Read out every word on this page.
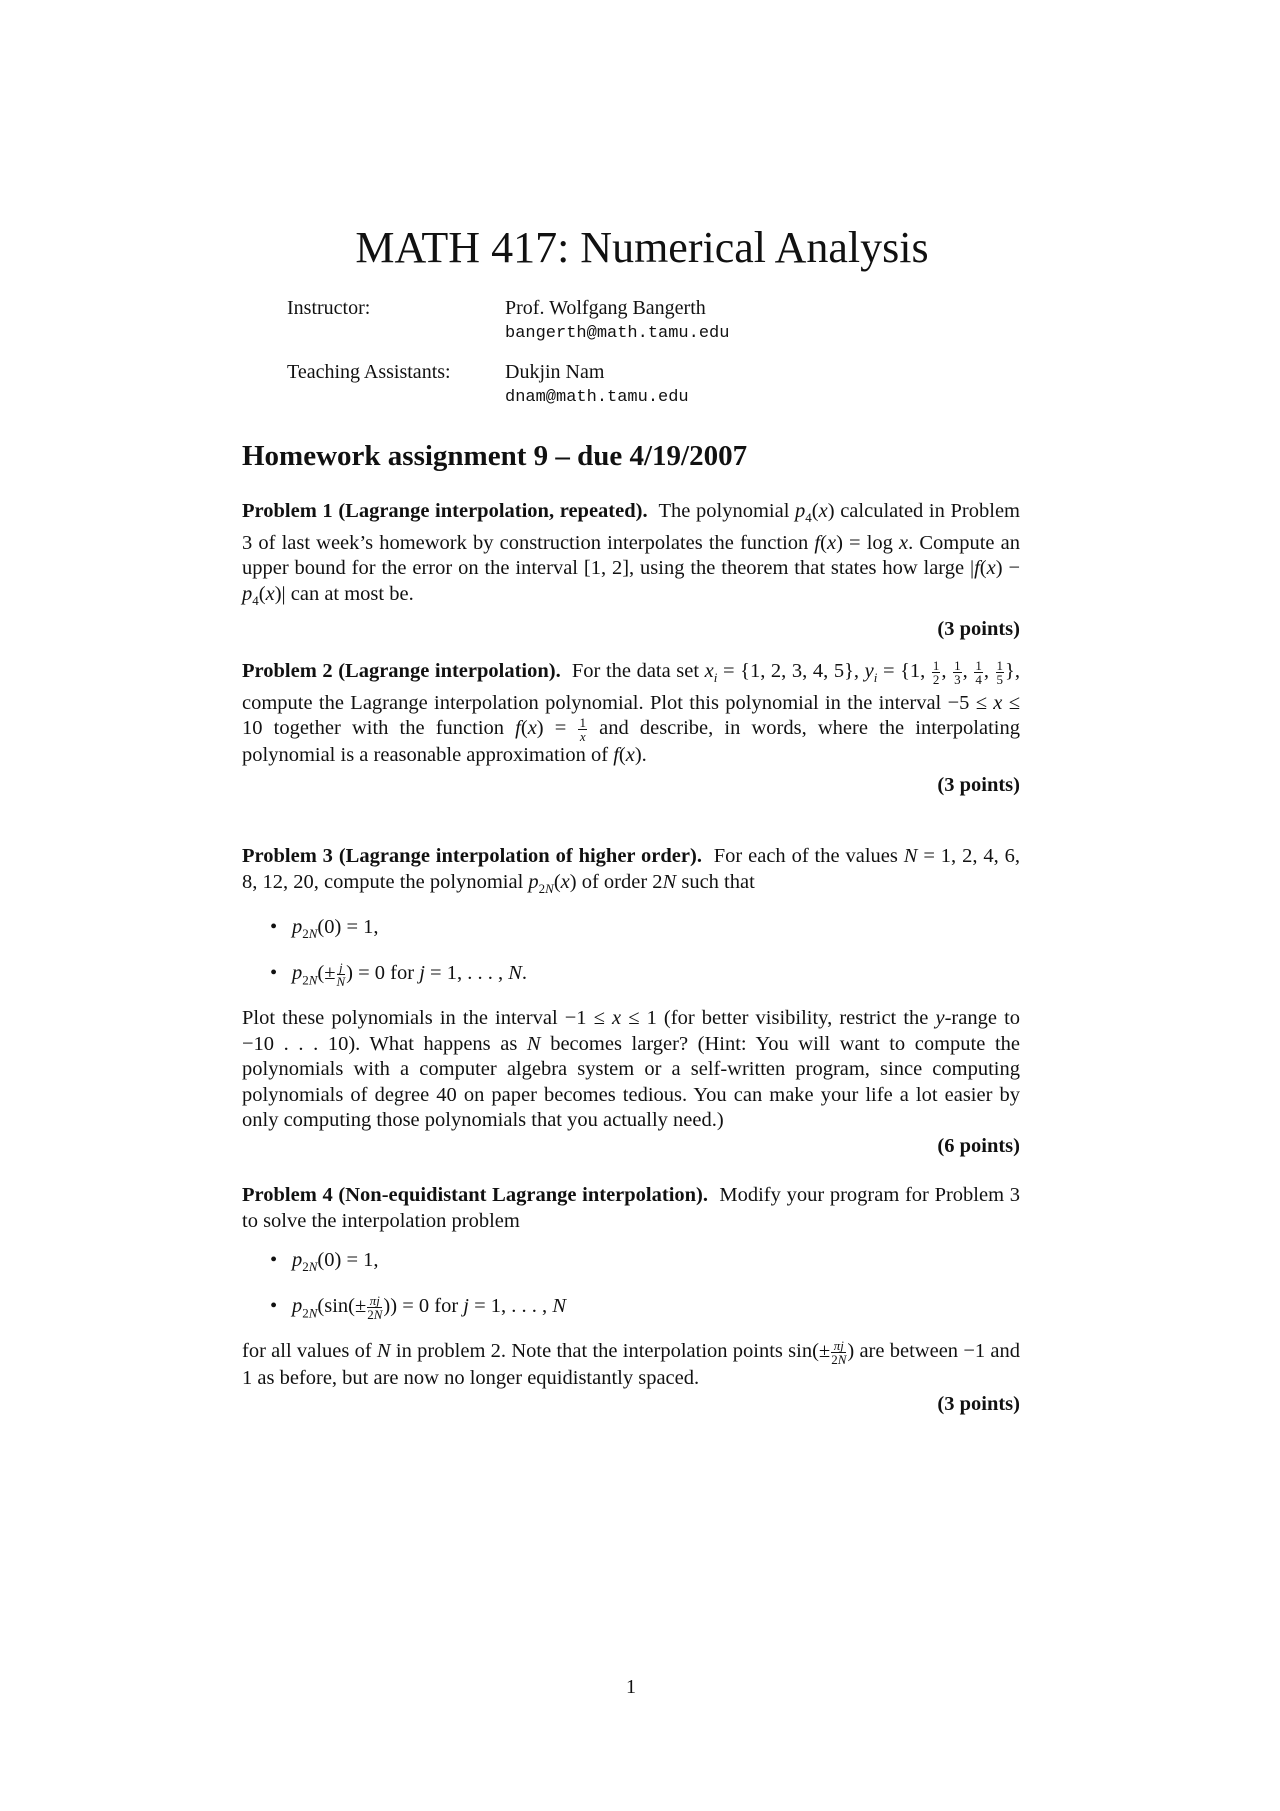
MATH 417: Numerical Analysis
Instructor:	Prof. Wolfgang Bangerth
bangerth@math.tamu.edu
Teaching Assistants:	Dukjin Nam
dnam@math.tamu.edu
Homework assignment 9 – due 4/19/2007

Problem 1 (Lagrange interpolation, repeated).  The polynomial $p_4(x)$ calculated in Problem 3 of last week’s homework by construction interpolates the function f(x) = log x. Compute an upper bound for the error on the interval [1, 2], using the theorem that states how large $|f(x) - p_4(x)|$ can at most be.

(3 points)

Problem 2 (Lagrange interpolation).  For the data set $x_i = \{1$, 2, 3, 4, 5}, $y_i = \{1$, $\frac{1}{2}$ , $\frac{1}{3}$ , $\frac{1}{4}$ , $\frac{1}{5}$ }, compute the Lagrange interpolation polynomial. Plot this polynomial in the interval −5 ≤ x ≤ 10 together with the function $f(x) = \frac{1}{x}$ and describe, in words, where the interpolating polynomial is a reasonable approximation of f(x).

(3 points)

Problem 3 (Lagrange interpolation of higher order).  For each of the values N = 1, 2, 4, 6, 8, 12, 20, compute the polynomial $p_{2N}(x)$ of order 2N such that

• $p_{2N}(0) = 1$,
• $p_{2N}(\pm \frac{j}{N}$ ) = 0 for j = 1, . . . , N.

Plot these polynomials in the interval −1 ≤ x ≤ 1 (for better visibility, restrict the y-range to −10 . . . 10). What happens as N becomes larger? (Hint: You will want to compute the polynomials with a computer algebra system or a self-written program, since computing polynomials of degree 40 on paper becomes tedious. You can make your life a lot easier by only computing those polynomials that you actually need.)

(6 points)

Problem 4 (Non-equidistant Lagrange interpolation).  Modify your program for Problem 3 to solve the interpolation problem

• $p_{2N}(0) = 1$,
• $p_{2N}(\sin(\pm \frac{\pi j}{2N}$ )) = 0 for j = 1, . . . , N

for all values of N in problem 2. Note that the interpolation points $\sin(\pm \frac{\pi j}{2N}$ ) are between −1 and 1 as before, but are now no longer equidistantly spaced.

(3 points)

1
